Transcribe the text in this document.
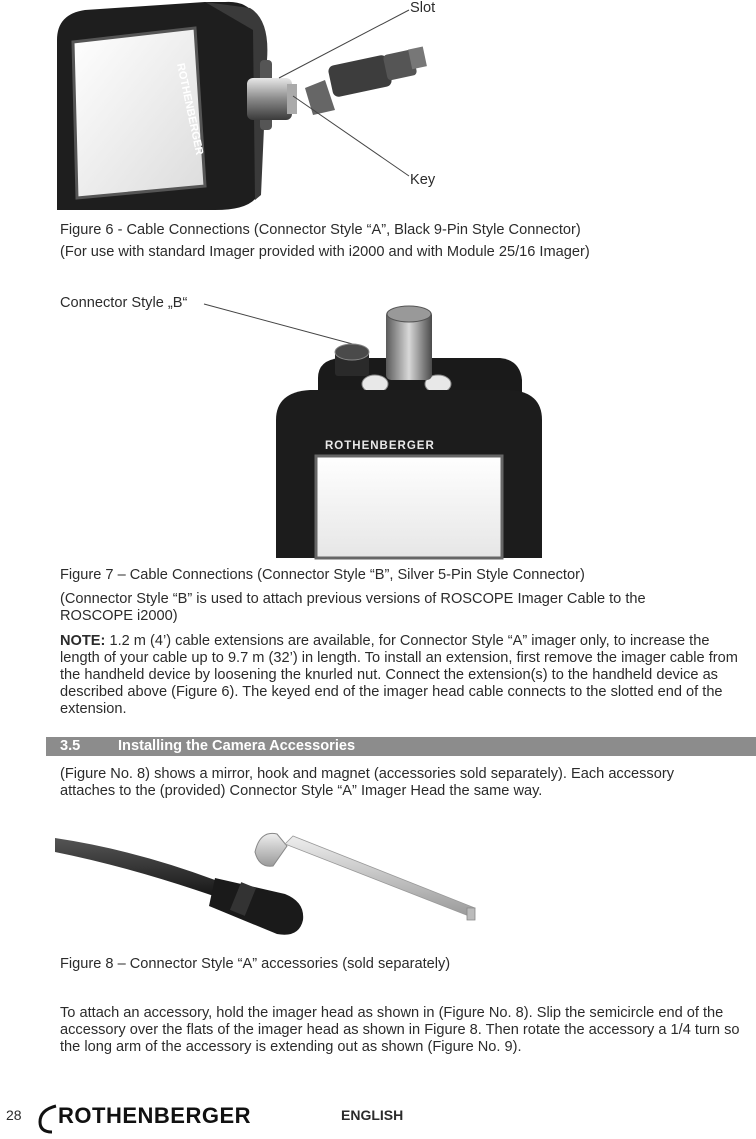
ROTHENBERGER
Slot
Key
Figure 6 - Cable Connections (Connector Style “A”, Black 9-Pin Style Connector)
(For use with standard Imager provided with i2000 and with Module 25/16 Imager)
Connector Style „B“
ROTHENBERGER
Figure 7 – Cable Connections (Connector Style “B”, Silver 5-Pin Style Connector)
(Connector Style “B” is used to attach previous versions of ROSCOPE Imager Cable to the ROSCOPE i2000)
NOTE: 1.2 m (4’) cable extensions are available, for Connector Style “A” imager only, to increase the length of your cable up to 9.7 m (32’) in length. To install an extension, first remove the imager cable from the handheld device by loosening the knurled nut. Connect the extension(s) to the handheld device as described above (Figure 6). The keyed end of the imager head cable connects to the slotted end of the extension.
3.5	Installing the Camera Accessories
(Figure No. 8) shows a mirror, hook and magnet (accessories sold separately). Each accessory attaches to the (provided) Connector Style “A” Imager Head the same way.
Figure 8 – Connector Style “A” accessories (sold separately)
To attach an accessory, hold the imager head as shown in (Figure No. 8). Slip the semicircle end of the accessory over the flats of the imager head as shown in Figure 8. Then rotate the accessory a 1/4 turn so the long arm of the accessory is extending out as shown (Figure No. 9).
28 ROTHENBERGER	ENGLISH
